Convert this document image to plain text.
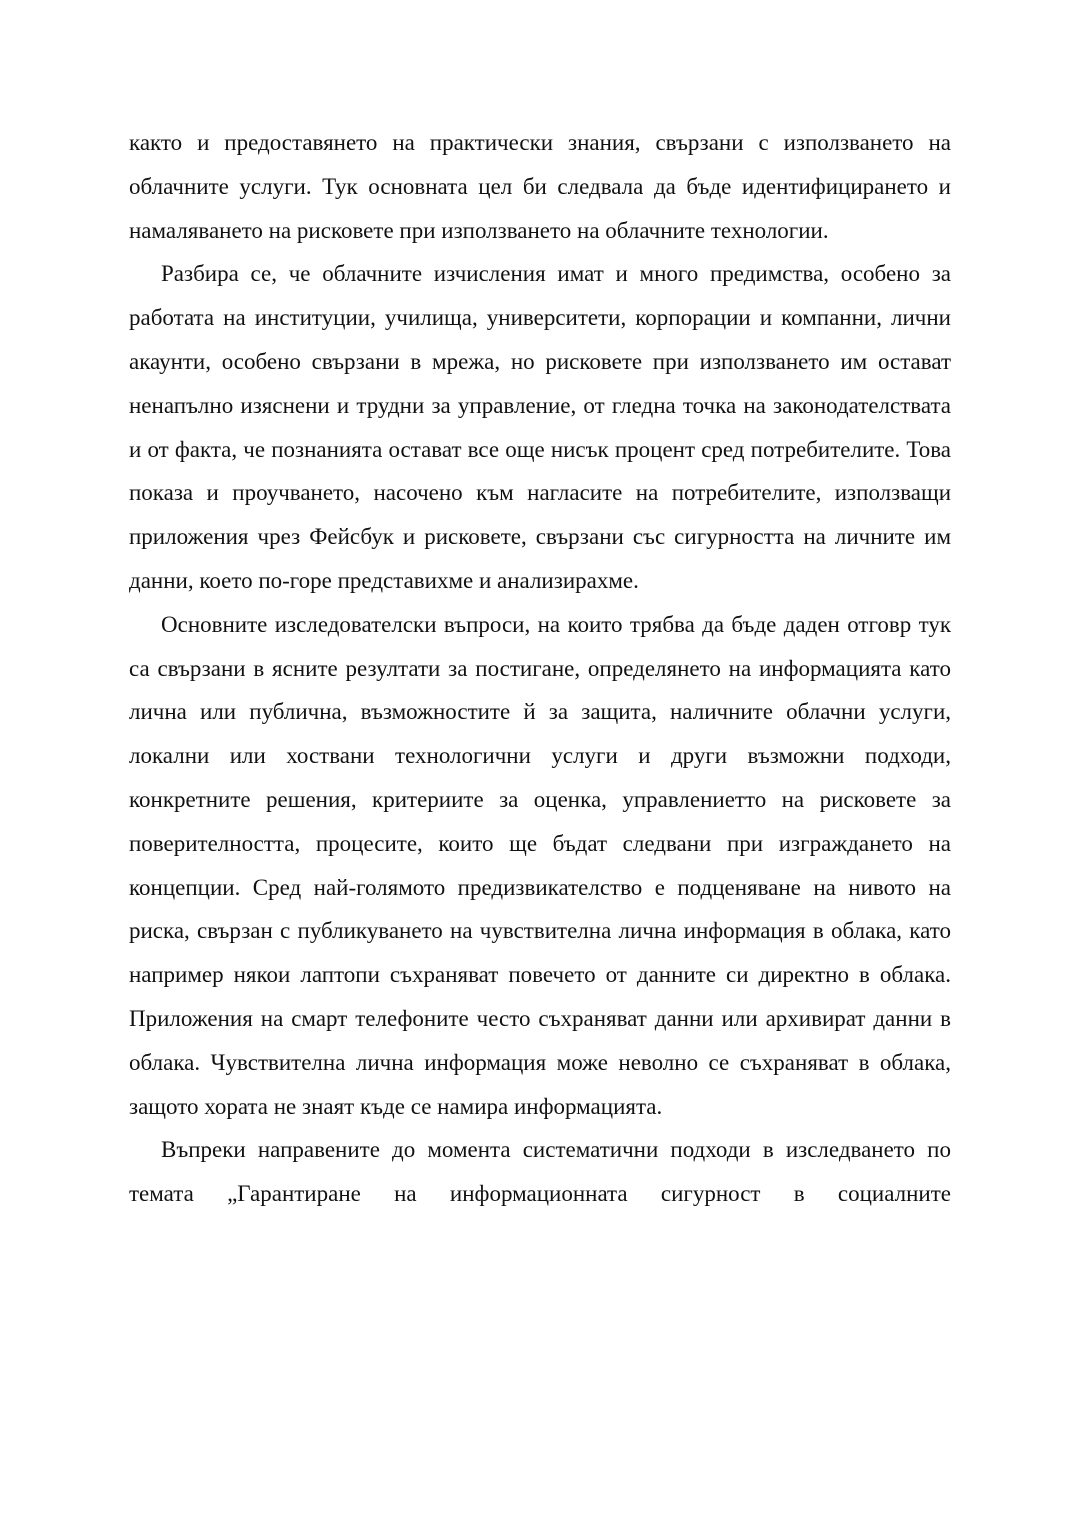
както и предоставянето на практически знания, свързани с използването на облачните услуги. Тук основната цел би следвала да бъде идентифицирането и намаляването на рисковете при използването на облачните технологии.

Разбира се, че облачните изчисления имат и много предимства, особено за работата на институции, училища, университети, корпорации и компанни, лични акаунти, особено свързани в мрежа, но рисковете при използването им остават ненапълно изяснени и трудни за управление, от гледна точка на законодателствата и от факта, че познанията остават все още нисък процент сред потребителите. Това показа и проучването, насочено към нагласите на потребителите, използващи приложения чрез Фейсбук и рисковете, свързани със сигурността на личните им данни, което по-горе представихме и анализирахме.

Основните изследователски въпроси, на които трябва да бъде даден отговр тук са свързани в ясните резултати за постигане, определянето на информацията като лична или публична, възможностите й за защита, наличните облачни услуги, локални или хоствани технологични услуги и други възможни подходи, конкретните решения, критериите за оценка, управлениетто на рисковете за поверителността, процесите, които ще бъдат следвани при изграждането на концепции. Сред най-голямото предизвикателство е подценяване на нивото на риска, свързан с публикуването на чувствителна лична информация в облака, като например някои лаптопи съхраняват повечето от данните си директно в облака. Приложения на смарт телефоните често съхраняват данни или архивират данни в облака. Чувствителна лична информация може неволно се съхраняват в облака, защото хората не знаят къде се намира информацията.

Въпреки направените до момента систематични подходи в изследването по темата „Гарантиране на информационната сигурност в социалните
